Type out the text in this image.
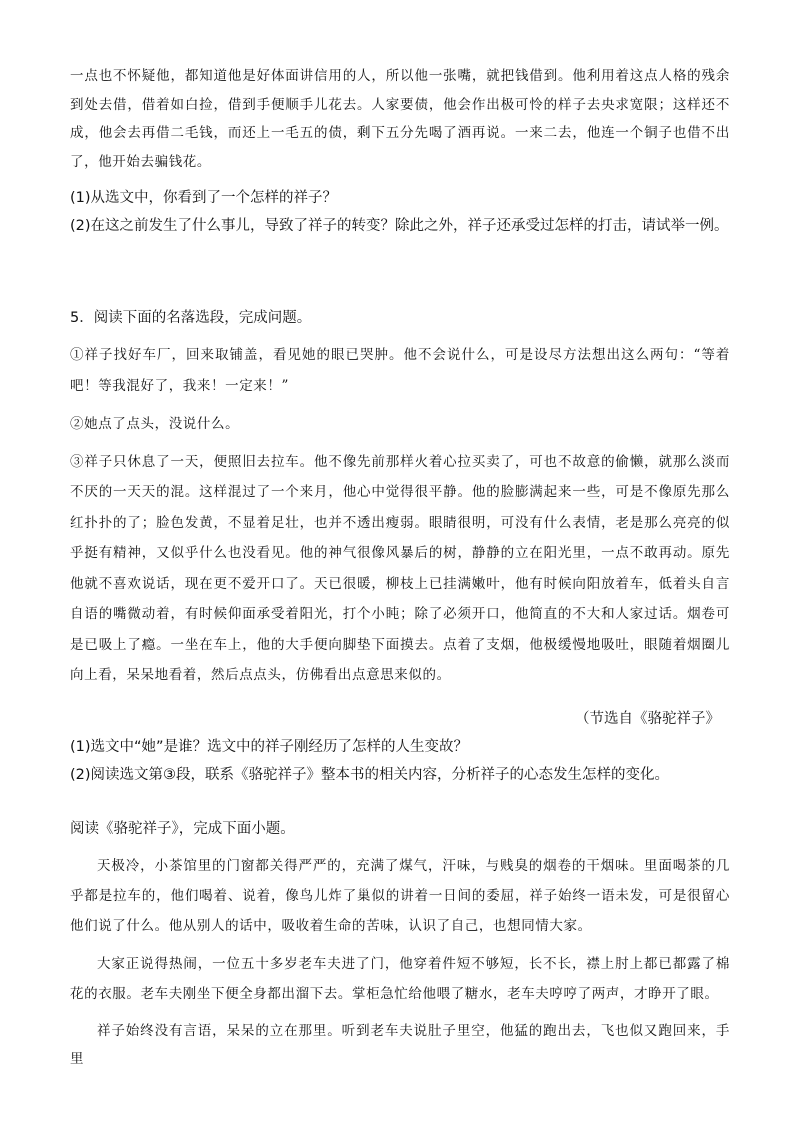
一点也不怀疑他，都知道他是好体面讲信用的人，所以他一张嘴，就把钱借到。他利用着这点人格的残余到处去借，借着如白捡，借到手便顺手儿花去。人家要债，他会作出极可怜的样子去央求宽限；这样还不成，他会去再借二毛钱，而还上一毛五的债，剩下五分先喝了酒再说。一来二去，他连一个铜子也借不出了，他开始去骗钱花。

(1)从选文中，你看到了一个怎样的祥子？

(2)在这之前发生了什么事儿，导致了祥子的转变？除此之外，祥子还承受过怎样的打击，请试举一例。

5．阅读下面的名落选段，完成问题。

①祥子找好车厂，回来取铺盖，看见她的眼已哭肿。他不会说什么，可是设尽方法想出这么两句：“等着吧！等我混好了，我来！一定来！”

②她点了点头，没说什么。

③祥子只休息了一天，便照旧去拉车。他不像先前那样火着心拉买卖了，可也不故意的偷懒，就那么淡而不厌的一天天的混。这样混过了一个来月，他心中觉得很平静。他的脸膨满起来一些，可是不像原先那么红扑扑的了；脸色发黄，不显着足壮，也并不透出瘦弱。眼睛很明，可没有什么表情，老是那么亮亮的似乎挺有精神，又似乎什么也没看见。他的神气很像风暴后的树，静静的立在阳光里，一点不敢再动。原先他就不喜欢说话，现在更不爱开口了。天已很暖，柳枝上已挂满嫩叶，他有时候向阳放着车，低着头自言自语的嘴微动着，有时候仰面承受着阳光，打个小盹；除了必须开口，他简直的不大和人家过话。烟卷可是已吸上了瘾。一坐在车上，他的大手便向脚垫下面摸去。点着了支烟，他极缓慢地吸吐，眼随着烟圈儿向上看，呆呆地看着，然后点点头，仿佛看出点意思来似的。

（节选自《骆驼祥子》

(1)选文中“她”是谁？选文中的祥子刚经历了怎样的人生变故？

(2)阅读选文第③段，联系《骆驼祥子》整本书的相关内容，分析祥子的心态发生怎样的变化。

阅读《骆驼祥子》，完成下面小题。

天极冷，小茶馆里的门窗都关得严严的，充满了煤气，汗味，与贱臭的烟卷的干烟味。里面喝茶的几乎都是拉车的，他们喝着、说着，像鸟儿炸了巢似的讲着一日间的委屈，祥子始终一语未发，可是很留心他们说了什么。他从别人的话中，吸收着生命的苦味，认识了自己，也想同情大家。

大家正说得热闹，一位五十多岁老车夫进了门，他穿着件短不够短，长不长，襟上肘上都已都露了棉花的衣服。老车夫刚坐下便全身都出溜下去。掌柜急忙给他喂了糖水，老车夫哼哼了两声，才睁开了眼。

祥子始终没有言语，呆呆的立在那里。听到老车夫说肚子里空，他猛的跑出去，飞也似又跑回来，手里
